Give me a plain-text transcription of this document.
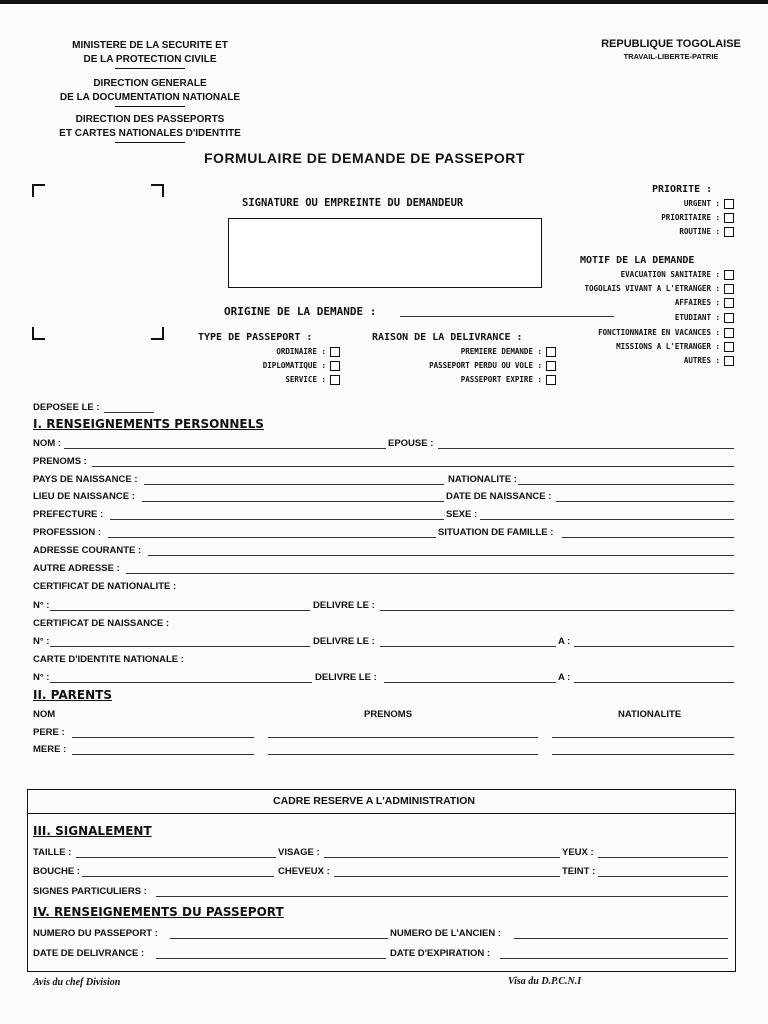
MINISTERE DE LA SECURITE ET
DE LA PROTECTION CIVILE
DIRECTION GENERALE
DE LA DOCUMENTATION NATIONALE
DIRECTION DES PASSEPORTS
ET CARTES NATIONALES D'IDENTITE
REPUBLIQUE TOGOLAISE
TRAVAIL-LIBERTE-PATRIE
FORMULAIRE DE DEMANDE DE PASSEPORT
SIGNATURE OU EMPREINTE DU DEMANDEUR
ORIGINE DE LA DEMANDE :
PRIORITE :
URGENT :
PRIORITAIRE :
ROUTINE :
MOTIF DE LA DEMANDE
EVACUATION SANITAIRE :
TOGOLAIS VIVANT A L'ETRANGER :
AFFAIRES :
ETUDIANT :
FONCTIONNAIRE EN VACANCES :
MISSIONS A L'ETRANGER :
AUTRES :
TYPE DE PASSEPORT :
ORDINAIRE :
DIPLOMATIQUE :
SERVICE :
RAISON DE LA DELIVRANCE :
PREMIERE DEMANDE :
PASSEPORT PERDU OU VOLE :
PASSEPORT EXPIRE :
DEPOSEE LE :
I. RENSEIGNEMENTS PERSONNELS
NOM :	EPOUSE :
PRENOMS :
PAYS DE NAISSANCE :	NATIONALITE :
LIEU DE NAISSANCE :	DATE DE NAISSANCE :
PREFECTURE :	SEXE :
PROFESSION :	SITUATION DE FAMILLE :
ADRESSE COURANTE :
AUTRE ADRESSE :
CERTIFICAT DE NATIONALITE :
N° :	DELIVRE LE :
CERTIFICAT DE NAISSANCE :
N° :	DELIVRE LE :	A :
CARTE D'IDENTITE NATIONALE :
N° :	DELIVRE LE :	A :
II. PARENTS
NOM	PRENOMS	NATIONALITE
PERE :
MERE :
CADRE RESERVE A L'ADMINISTRATION
III. SIGNALEMENT
TAILLE :	VISAGE :	YEUX :
BOUCHE :	CHEVEUX :	TEINT :
SIGNES PARTICULIERS :
IV. RENSEIGNEMENTS DU PASSEPORT
NUMERO DU PASSEPORT :	NUMERO DE L'ANCIEN :
DATE DE DELIVRANCE :	DATE D'EXPIRATION :
Avis du chef Division	Visa du D.P.C.N.I
